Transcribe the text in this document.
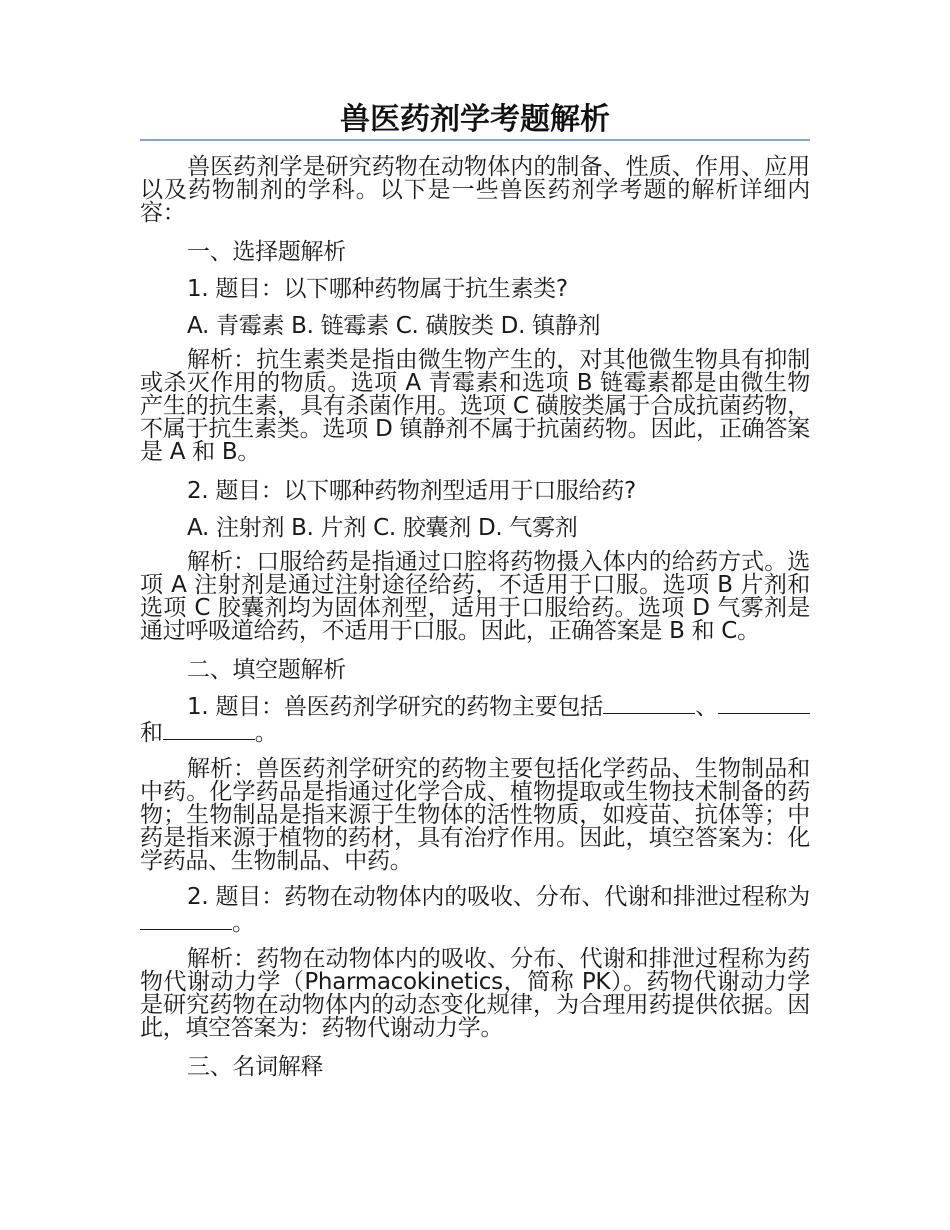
兽医药剂学考题解析

兽医药剂学是研究药物在动物体内的制备、性质、作用、应用以及药物制剂的学科。以下是一些兽医药剂学考题的解析详细内容：

一、选择题解析

1. 题目：以下哪种药物属于抗生素类?

A. 青霉素 B. 链霉素 C. 磺胺类 D. 镇静剂

解析：抗生素类是指由微生物产生的，对其他微生物具有抑制或杀灭作用的物质。选项 A 青霉素和选项 B 链霉素都是由微生物产生的抗生素，具有杀菌作用。选项 C 磺胺类属于合成抗菌药物，不属于抗生素类。选项 D 镇静剂不属于抗菌药物。因此，正确答案是 A 和 B。

2. 题目：以下哪种药物剂型适用于口服给药?

A. 注射剂 B. 片剂 C. 胶囊剂 D. 气雾剂

解析：口服给药是指通过口腔将药物摄入体内的给药方式。选项 A 注射剂是通过注射途径给药，不适用于口服。选项 B 片剂和选项 C 胶囊剂均为固体剂型，适用于口服给药。选项 D 气雾剂是通过呼吸道给药，不适用于口服。因此，正确答案是 B 和 C。

二、填空题解析

1. 题目：兽医药剂学研究的药物主要包括	、和	。

解析：兽医药剂学研究的药物主要包括化学药品、生物制品和中药。化学药品是指通过化学合成、植物提取或生物技术制备的药物；生物制品是指来源于生物体的活性物质，如疫苗、抗体等；中药是指来源于植物的药材，具有治疗作用。因此，填空答案为：化学药品、生物制品、中药。

2. 题目：药物在动物体内的吸收、分布、代谢和排泄过程称为。

解析：药物在动物体内的吸收、分布、代谢和排泄过程称为药物代谢动力学（Pharmacokinetics，简称 PK）。药物代谢动力学是研究药物在动物体内的动态变化规律，为合理用药提供依据。因此，填空答案为：药物代谢动力学。

三、名词解释
